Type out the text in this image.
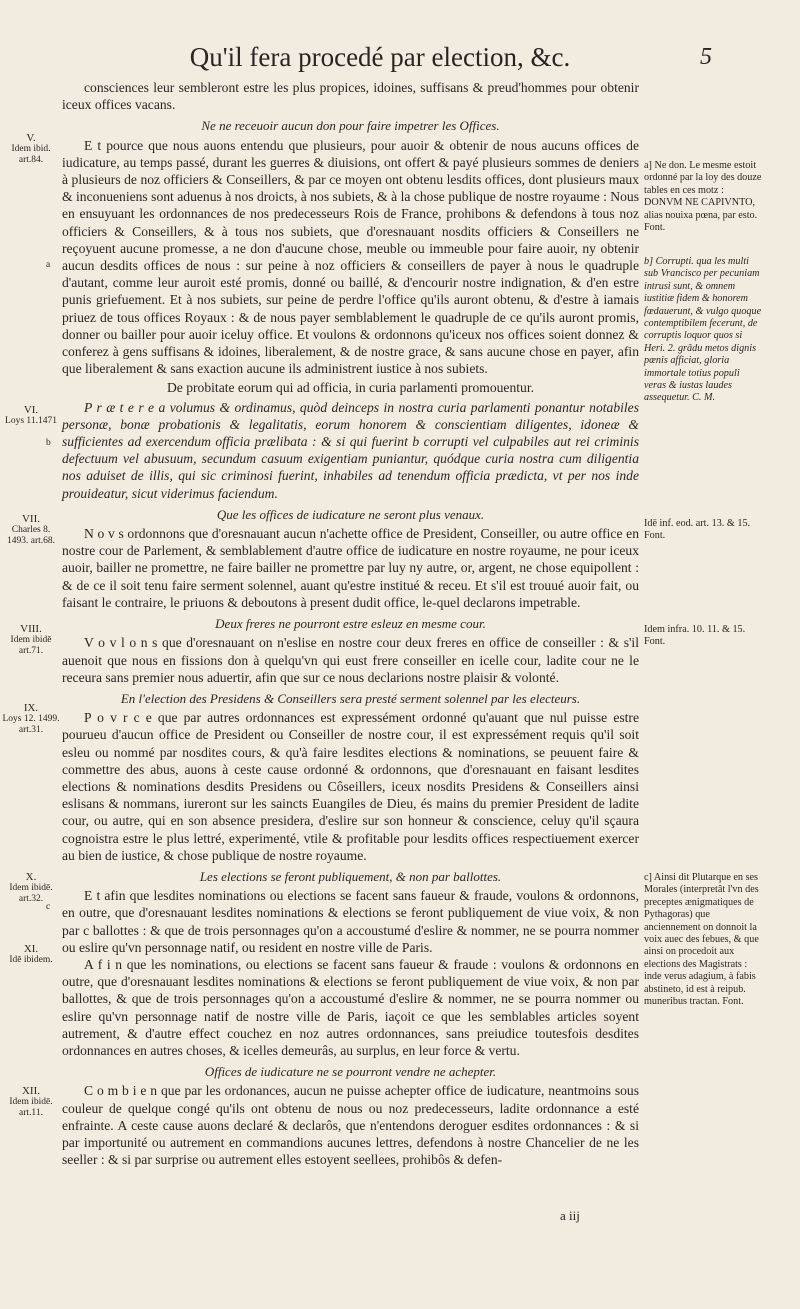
Qu'il fera procedé par election, &c.	5
V.
Idem ibid. art.84.
a
VI.
Loys 11.1471
b
VII.
Charles 8. 1493. art.68.
VIII.
Idem ibidē art.71.
IX.
Loys 12. 1499. art.31.
X.
Idem ibidē. art.32.
c
XI.
Idē ibidem.
XII.
Idem ibidē. art.11.

consciences leur sembleront estre les plus propices, idoines, suffisans & preud'hommes pour obtenir iceux offices vacans.

Ne ne receuoir aucun don pour faire impetrer les Offices.

E t pource que nous auons entendu que plusieurs, pour auoir & obtenir de nous aucuns offices de iudicature, au temps passé, durant les guerres & diuisions, ont offert & payé plusieurs sommes de deniers à plusieurs de noz officiers & Conseillers, & par ce moyen ont obtenu lesdits offices, dont plusieurs maux & inconueniens sont aduenus à nos droicts, à nos subiets, & à la chose publique de nostre royaume : Nous en ensuyuant les ordonnances de nos predecesseurs Rois de France, prohibons & defendons à tous noz officiers & Conseillers, & à tous nos subiets, que d'oresnauant nosdits officiers & Conseillers ne reçoyuent aucune promesse, a ne don d'aucune chose, meuble ou immeuble pour faire auoir, ny obtenir aucun desdits offices de nous : sur peine à noz officiers & conseillers de payer à nous le quadruple d'autant, comme leur auroit esté promis, donné ou baillé, & d'encourir nostre indignation, & d'en estre punis griefuement. Et à nos subiets, sur peine de perdre l'office qu'ils auront obtenu, & d'estre à iamais priuez de tous offices Royaux : & de nous payer semblablement le quadruple de ce qu'ils auront promis, donner ou bailler pour auoir iceluy office. Et voulons & ordonnons qu'iceux nos offices soient donnez & conferez à gens suffisans & idoines, liberalement, & de nostre grace, & sans aucune chose en payer, afin que liberalement & sans exaction aucune ils administrent iustice à nos subiets.

De probitate eorum qui ad officia, in curia parlamenti promouentur.

P r æ t e r e a volumus & ordinamus, quòd deinceps in nostra curia parlamenti ponantur notabiles personæ, bonæ probationis & legalitatis, eorum honorem & conscientiam diligentes, idoneæ & sufficientes ad exercendum officia prælibata : & si qui fuerint b corrupti vel culpabiles aut rei criminis defectuum vel abusuum, secundum casuum exigentiam puniantur, quódque curia nostra cum diligentia nos aduiset de illis, qui sic criminosi fuerint, inhabiles ad tenendum officia prædicta, vt per nos inde prouideatur, sicut viderimus faciendum.

Que les offices de iudicature ne seront plus venaux.

N o v s ordonnons que d'oresnauant aucun n'achette office de President, Conseiller, ou autre office en nostre cour de Parlement, & semblablement d'autre office de iudicature en nostre royaume, ne pour iceux auoir, bailler ne promettre, ne faire bailler ne promettre par luy ny autre, or, argent, ne chose equipollent : & de ce il soit tenu faire serment solennel, auant qu'estre institué & receu. Et s'il est trouué auoir fait, ou faisant le contraire, le priuons & deboutons à present dudit office, le-quel declarons impetrable.

Deux freres ne pourront estre esleuz en mesme cour.

V o v l o n s que d'oresnauant on n'eslise en nostre cour deux freres en office de conseiller : & s'il auenoit que nous en fissions don à quelqu'vn qui eust frere conseiller en icelle cour, ladite cour ne le receura sans premier nous aduertir, afin que sur ce nous declarions nostre plaisir & volonté.

En l'election des Presidens & Conseillers sera presté serment solennel par les electeurs.

P o v r c e que par autres ordonnances est expressément ordonné qu'auant que nul puisse estre pourueu d'aucun office de President ou Conseiller de nostre cour, il est expressément requis qu'il soit esleu ou nommé par nosdites cours, & qu'à faire lesdites elections & nominations, se peuuent faire & commettre des abus, auons à ceste cause ordonné & ordonnons, que d'oresnauant en faisant lesdites elections & nominations desdits Presidens ou Côseillers, iceux nosdits Presidens & Conseillers ainsi eslisans & nommans, iureront sur les saincts Euangiles de Dieu, és mains du premier President de ladite cour, ou autre, qui en son absence presidera, d'eslire sur son honneur & conscience, celuy qu'il sçaura cognoistra estre le plus lettré, experimenté, vtile & profitable pour lesdits offices respectiuement exercer au bien de iustice, & chose publique de nostre royaume.

Les elections se feront publiquement, & non par ballottes.

E t afin que lesdites nominations ou elections se facent sans faueur & fraude, voulons & ordonnons, en outre, que d'oresnauant lesdites nominations & elections se feront publiquement de viue voix, & non par c ballottes : & que de trois personnages qu'on a accoustumé d'eslire & nommer, ne se pourra nommer ou eslire qu'vn personnage natif, ou resident en nostre ville de Paris.

A f i n que les nominations, ou elections se facent sans faueur & fraude : voulons & ordonnons en outre, que d'oresnauant lesdites nominations & elections se feront publiquement de viue voix, & non par ballottes, & que de trois personnages qu'on a accoustumé d'eslire & nommer, ne se pourra nommer ou eslire qu'vn personnage natif de nostre ville de Paris, iaçoit ce que les semblables articles soyent autrement, & d'autre effect couchez en noz autres ordonnances, sans preiudice toutesfois desdites ordonnances en autres choses, & icelles demeurâs, au surplus, en leur force & vertu.

Offices de iudicature ne se pourront vendre ne achepter.

C o m b i e n que par les ordonances, aucun ne puisse achepter office de iudicature, neantmoins sous couleur de quelque congé qu'ils ont obtenu de nous ou noz predecesseurs, ladite ordonnance a esté enfrainte. A ceste cause auons declaré & declarôs, que n'entendons deroguer esdites ordonnances : & si par importunité ou autrement en commandions aucunes lettres, defendons à nostre Chancelier de ne les seeller : & si par surprise ou autrement elles estoyent seellees, prohibôs & defen-

a] Ne don. Le mesme estoit ordonné par la loy des douze tables en ces motz : DONVM NE CAPIVNTO, alias nouixa pœna, par esto. Font.

b] Corrupti. qua les multi sub Vrancisco per pecuniam intrusi sunt, & omnem iustitiæ fidem & honorem fœdauerunt, & vulgo quoque contemptibilem fecerunt, de corruptis loquor quos si Heri. 2. grâdu metos dignis pœnis afficiat, gloria immortale totius populi veras & iustas laudes assequetur. C. M.

Idē inf. eod. art. 13. & 15. Font.

Idem infra. 10. 11. & 15. Font.

c] Ainsi dit Plutarque en ses Morales (interpretât l'vn des preceptes ænigmatiques de Pythagoras) que anciennement on donnoit la voix auec des febues, & que ainsi on procedoit aux elections des Magistrats : inde verus adagium, à fabis abstineto, id est à reipub. muneribus tractan. Font.

a iij
